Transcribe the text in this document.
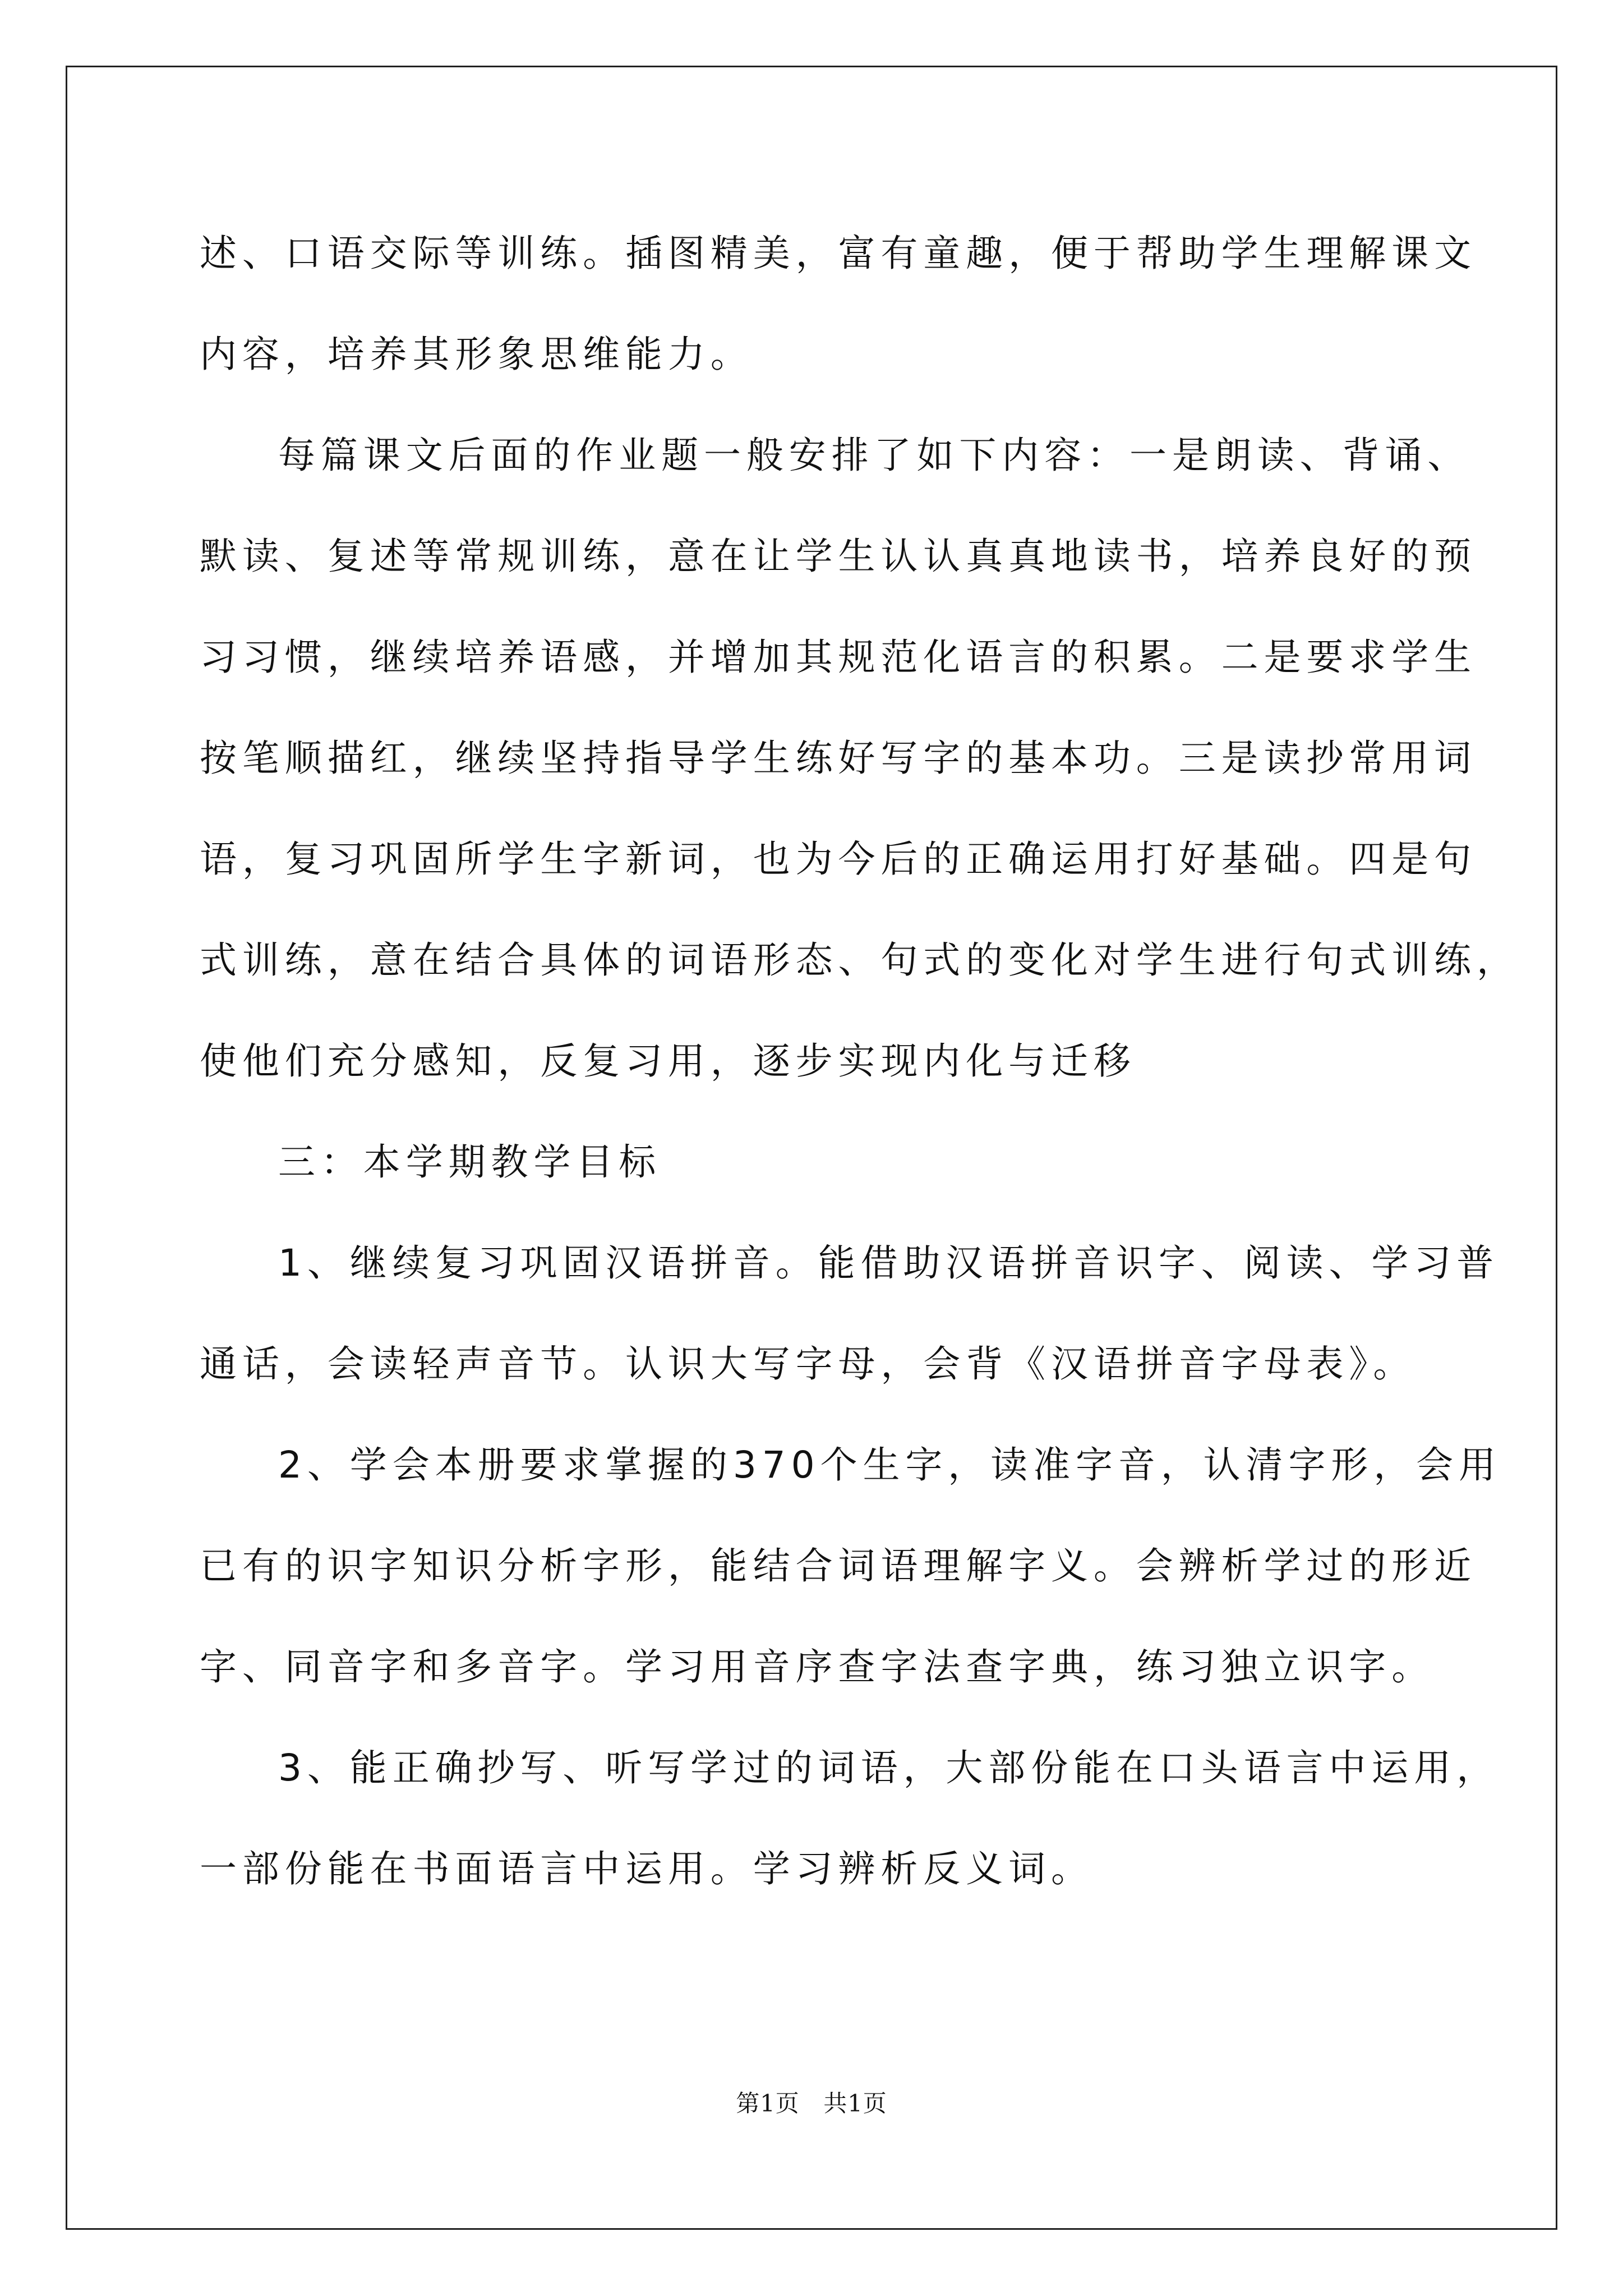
述、口语交际等训练。插图精美，富有童趣，便于帮助学生理解课文
内容，培养其形象思维能力。
每篇课文后面的作业题一般安排了如下内容：一是朗读、背诵、
默读、复述等常规训练，意在让学生认认真真地读书，培养良好的预
习习惯，继续培养语感，并增加其规范化语言的积累。二是要求学生
按笔顺描红，继续坚持指导学生练好写字的基本功。三是读抄常用词
语，复习巩固所学生字新词，也为今后的正确运用打好基础。四是句
式训练，意在结合具体的词语形态、句式的变化对学生进行句式训练，
使他们充分感知，反复习用，逐步实现内化与迁移
三：本学期教学目标
1、继续复习巩固汉语拼音。能借助汉语拼音识字、阅读、学习普
通话，会读轻声音节。认识大写字母，会背《汉语拼音字母表》。
2、学会本册要求掌握的370个生字，读准字音，认清字形，会用
已有的识字知识分析字形，能结合词语理解字义。会辨析学过的形近
字、同音字和多音字。学习用音序查字法查字典，练习独立识字。
3、能正确抄写、听写学过的词语，大部份能在口头语言中运用，
一部份能在书面语言中运用。学习辨析反义词。
第1页　共1页
